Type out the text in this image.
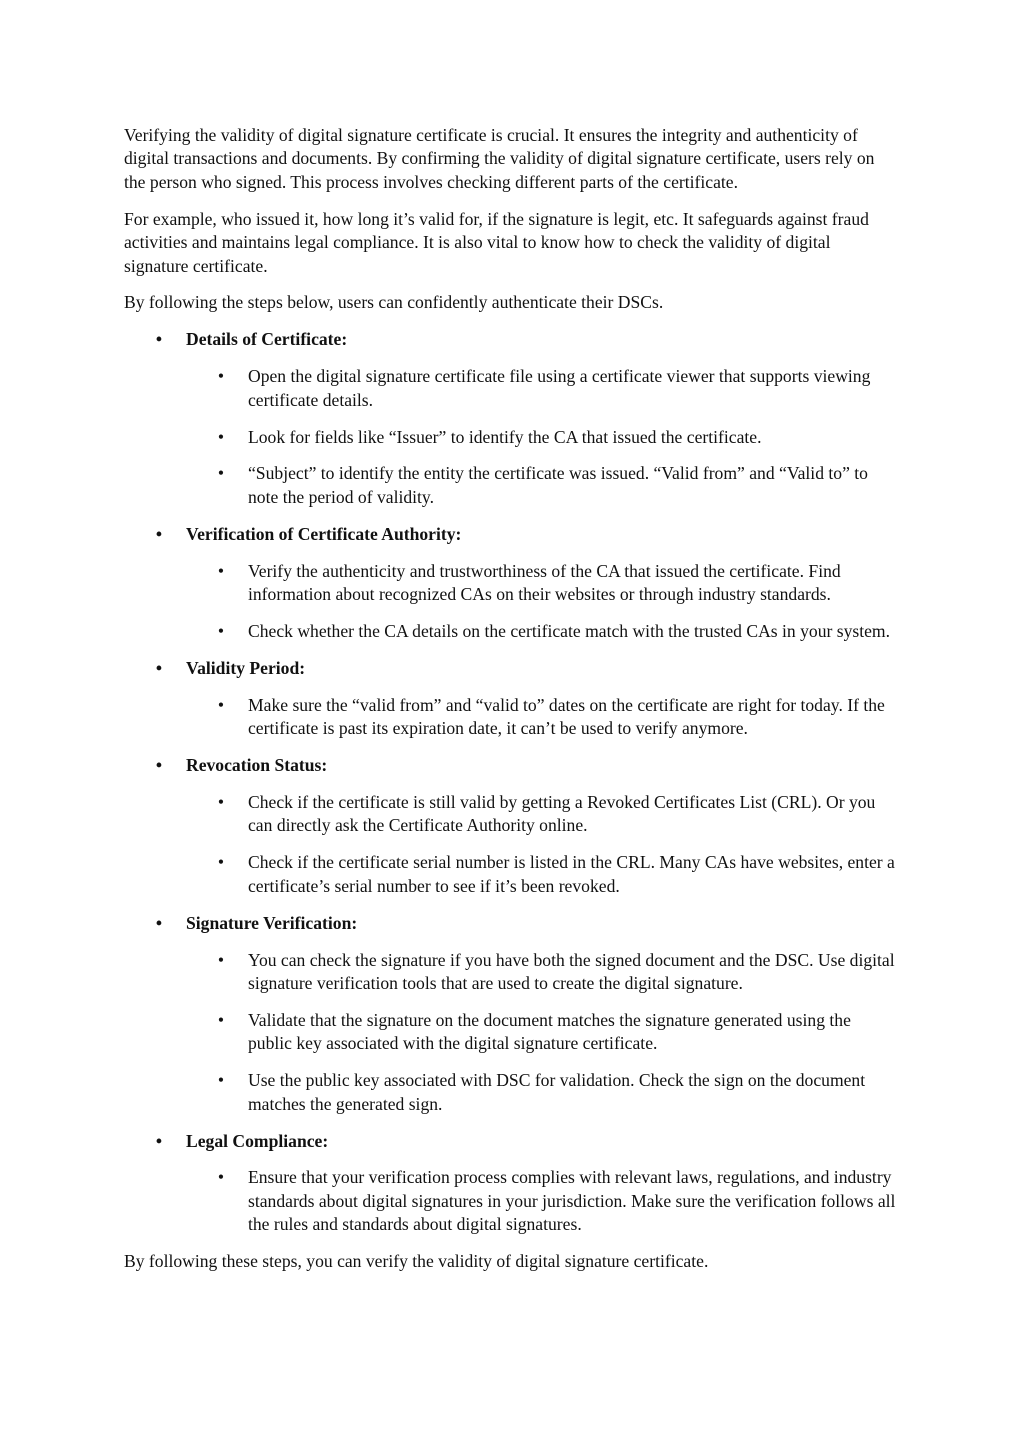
Verifying the validity of digital signature certificate is crucial. It ensures the integrity and authenticity of digital transactions and documents. By confirming the validity of digital signature certificate, users rely on the person who signed. This process involves checking different parts of the certificate.

For example, who issued it, how long it’s valid for, if the signature is legit, etc. It safeguards against fraud activities and maintains legal compliance. It is also vital to know how to check the validity of digital signature certificate.

By following the steps below, users can confidently authenticate their DSCs.

• Details of Certificate:
• Open the digital signature certificate file using a certificate viewer that supports viewing certificate details.
• Look for fields like “Issuer” to identify the CA that issued the certificate.
• “Subject” to identify the entity the certificate was issued. “Valid from” and “Valid to” to note the period of validity.
• Verification of Certificate Authority:
• Verify the authenticity and trustworthiness of the CA that issued the certificate. Find information about recognized CAs on their websites or through industry standards.
• Check whether the CA details on the certificate match with the trusted CAs in your system.
• Validity Period:
• Make sure the “valid from” and “valid to” dates on the certificate are right for today. If the certificate is past its expiration date, it can’t be used to verify anymore.
• Revocation Status:
• Check if the certificate is still valid by getting a Revoked Certificates List (CRL). Or you can directly ask the Certificate Authority online.
• Check if the certificate serial number is listed in the CRL. Many CAs have websites, enter a certificate’s serial number to see if it’s been revoked.
• Signature Verification:
• You can check the signature if you have both the signed document and the DSC. Use digital signature verification tools that are used to create the digital signature.
• Validate that the signature on the document matches the signature generated using the public key associated with the digital signature certificate.
• Use the public key associated with DSC for validation. Check the sign on the document matches the generated sign.
• Legal Compliance:
• Ensure that your verification process complies with relevant laws, regulations, and industry standards about digital signatures in your jurisdiction. Make sure the verification follows all the rules and standards about digital signatures.

By following these steps, you can verify the validity of digital signature certificate.
